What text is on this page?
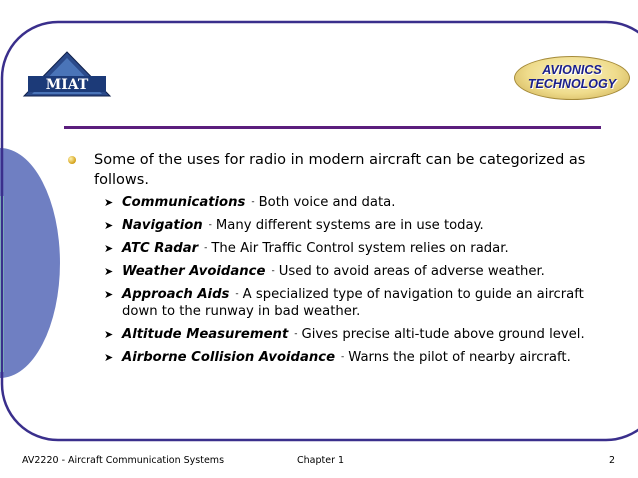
MIAT
AVIONICS
TECHNOLOGY
Some of the uses for radio in modern aircraft can be categorized as follows.
➤ Communications - Both voice and data.
➤ Navigation - Many different systems are in use today.
➤ ATC Radar - The Air Traffic Control system relies on radar.
➤ Weather Avoidance - Used to avoid areas of adverse weather.
➤ Approach Aids - A specialized type of navigation to guide an aircraft down to the runway in bad weather.
➤ Altitude Measurement - Gives precise alti-tude above ground level.
➤ Airborne Collision Avoidance - Warns the pilot of nearby aircraft.
AV2220 - Aircraft Communication Systems	Chapter 1	2
